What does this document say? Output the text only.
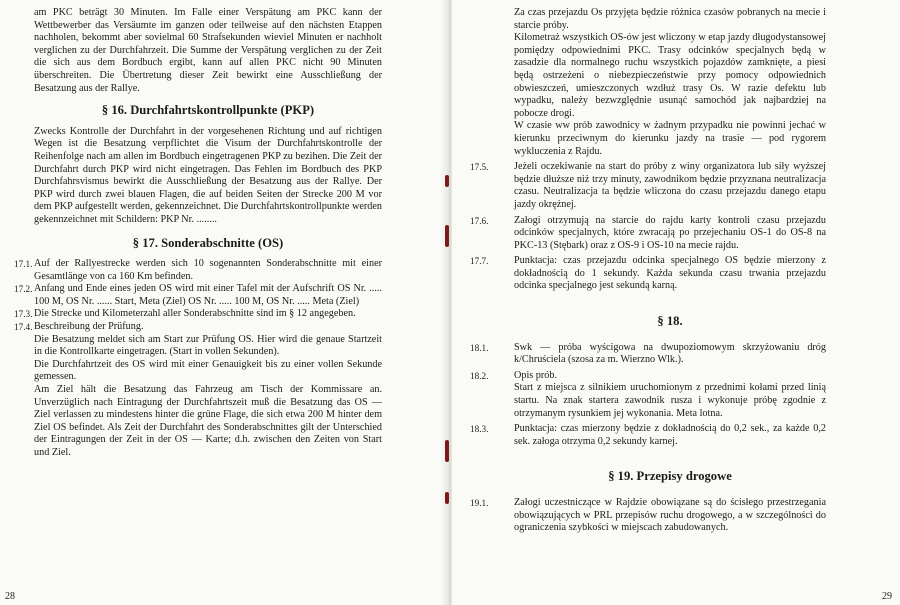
am PKC beträgt 30 Minuten. Im Falle einer Verspätung am PKC kann der Wettbewerber das Versäumte im ganzen oder teilweise auf den nächsten Etappen nachholen, bekommt aber sovielmal 60 Strafsekunden wieviel Minuten er nachholt verglichen zu der Durchfahrzeit. Die Summe der Verspätung verglichen zu der Zeit die sich aus dem Bordbuch ergibt, kann auf allen PKC nicht 90 Minuten überschreiten. Die Übertretung dieser Zeit bewirkt eine Ausschließung der Besatzung aus der Rallye.

§ 16. Durchfahrtskontrollpunkte (PKP)

Zwecks Kontrolle der Durchfahrt in der vorgesehenen Richtung und auf richtigen Wegen ist die Besatzung verpflichtet die Visum der Durchfahrtskontrolle der Reihenfolge nach am allen im Bordbuch eingetragenen PKP zu bezihen. Die Zeit der Durchfahrt durch PKP wird nicht eingetragen. Das Fehlen im Bordbuch des PKP Durchfahrsvismus bewirkt die Ausschließung der Besatzung aus der Rallye. Der PKP wird durch zwei blauen Flagen, die auf beiden Seiten der Strecke 200 M vor dem PKP aufgestellt werden, gekennzeichnet. Die Durchfahrtskontrollpunkte werden gekennzeichnet mit Schildern: PKP Nr. ........

§ 17. Sonderabschnitte (OS)
17.1. Auf der Rallyestrecke werden sich 10 sogenannten Sonderabschnitte mit einer Gesamtlänge von ca 160 Km befinden.

17.2. Anfang und Ende eines jeden OS wird mit einer Tafel mit der Aufschrift OS Nr. ..... 100 M, OS Nr. ...... Start, Meta (Ziel) OS Nr. ..... 100 M, OS Nr. ..... Meta (Ziel)

17.3. Die Strecke und Kilometerzahl aller Sonderabschnitte sind im § 12 angegeben.

17.4. Beschreibung der Prüfung.

Die Besatzung meldet sich am Start zur Prüfung OS. Hier wird die genaue Startzeit in die Kontrollkarte eingetragen. (Start in vollen Sekunden).

Die Durchfahrtzeit des OS wird mit einer Genauigkeit bis zu einer vollen Sekunde gemessen.

Am Ziel hält die Besatzung das Fahrzeug am Tisch der Kommissare an. Unverzüglich nach Eintragung der Durchfahrtszeit muß die Besatzung das OS — Ziel verlassen zu mindestens hinter die grüne Flage, die sich etwa 200 M hinter dem Ziel OS befindet. Als Zeit der Durchfahrt des Sonderabschnittes gilt der Unterschied der Eintragungen der Zeit in der OS — Karte; d.h. zwischen den Zeiten von Start und Ziel.

28

Za czas przejazdu Os przyjęta będzie różnica czasów pobranych na mecie i starcie próby.

Kilometraż wszystkich OS-ów jest wliczony w etap jazdy długodystansowej pomiędzy odpowiednimi PKC. Trasy odcinków specjalnych będą w zasadzie dla normalnego ruchu wszystkich pojazdów zamknięte, a piesi będą ostrzeżeni o niebezpieczeństwie przy pomocy odpowiednich obwieszczeń, umieszczonych wzdłuż trasy Os. W razie defektu lub wypadku, należy bezwzględnie usunąć samochód jak najbardziej na pobocze drogi.

W czasie ww prób zawodnicy w żadnym przypadku nie powinni jechać w kierunku przeciwnym do kierunku jazdy na trasie — pod rygorem wykluczenia z Rajdu.

17.5.	Jeżeli oczekiwanie na start do próby z winy organizatora lub siły wyższej będzie dłuższe niż trzy minuty, zawodnikom będzie przyznana neutralizacja czasu. Neutralizacja ta będzie wliczona do czasu przejazdu danego etapu jazdy okrężnej.

17.6.	Załogi otrzymują na starcie do rajdu karty kontroli czasu przejazdu odcinków specjalnych, które zwracają po przejechaniu OS-1 do OS-8 na PKC-13 (Stębark) oraz z OS-9 i OS-10 na mecie rajdu.

17.7.	Punktacja: czas przejazdu odcinka specjalnego OS będzie mierzony z dokładnością do 1 sekundy. Każda sekunda czasu trwania przejazdu odcinka specjalnego jest sekundą karną.

§ 18.
18.1.	Swk — próba wyścigowa na dwupoziomowym skrzyżowaniu dróg k/Chruściela (szosa za m. Wierzno Wlk.).

18.2.	Opis prób.

Start z miejsca z silnikiem uruchomionym z przednimi kołami przed linią startu. Na znak startera zawodnik rusza i wykonuje próbę zgodnie z otrzymanym rysunkiem jej wykonania. Meta lotna.

18.3.	Punktacja: czas mierzony będzie z dokładnością do 0,2 sek., za każde 0,2 sek. załoga otrzyma 0,2 sekundy karnej.

§ 19. Przepisy drogowe
19.1.	Załogi uczestniczące w Rajdzie obowiązane są do ścisłego przestrzegania obowiązujących w PRL przepisów ruchu drogowego, a w szczególności do ograniczenia szybkości w miejscach zabudowanych.

29
